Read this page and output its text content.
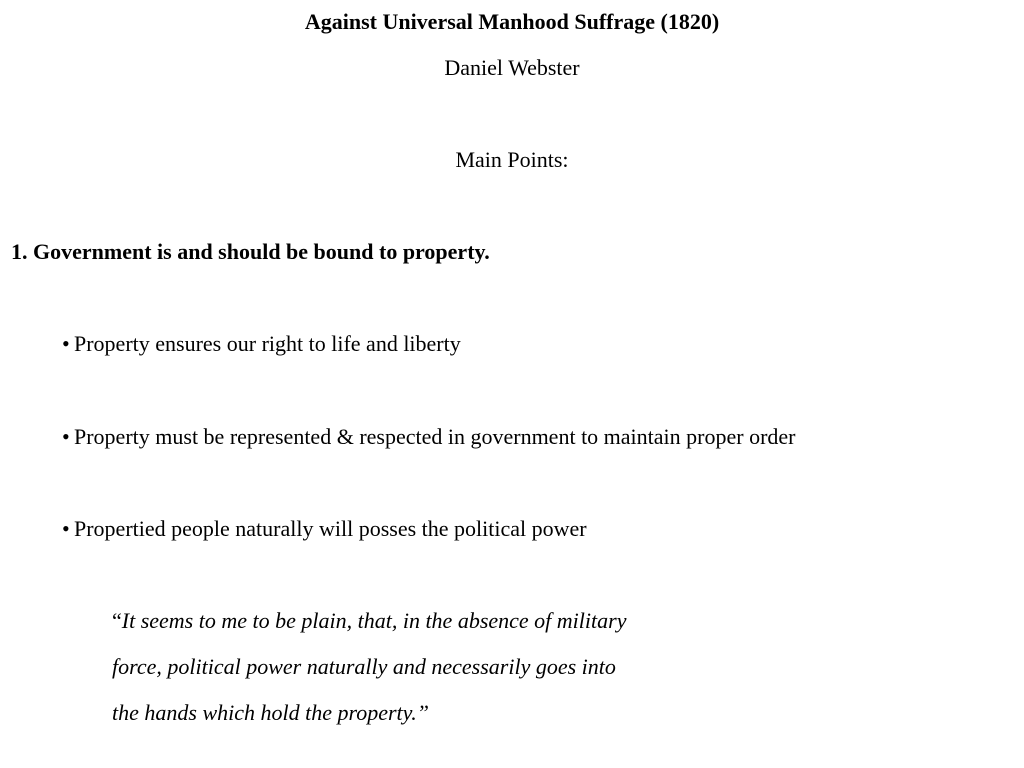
Against Universal Manhood Suffrage (1820)
Daniel Webster
Main Points:
1. Government is and should be bound to property.
• Property ensures our right to life and liberty
• Property must be represented & respected in government to maintain proper order
• Propertied people naturally will posses the political power
“It seems to me to be plain, that, in the absence of military
force, political power naturally and necessarily goes into
the hands which hold the property.”
